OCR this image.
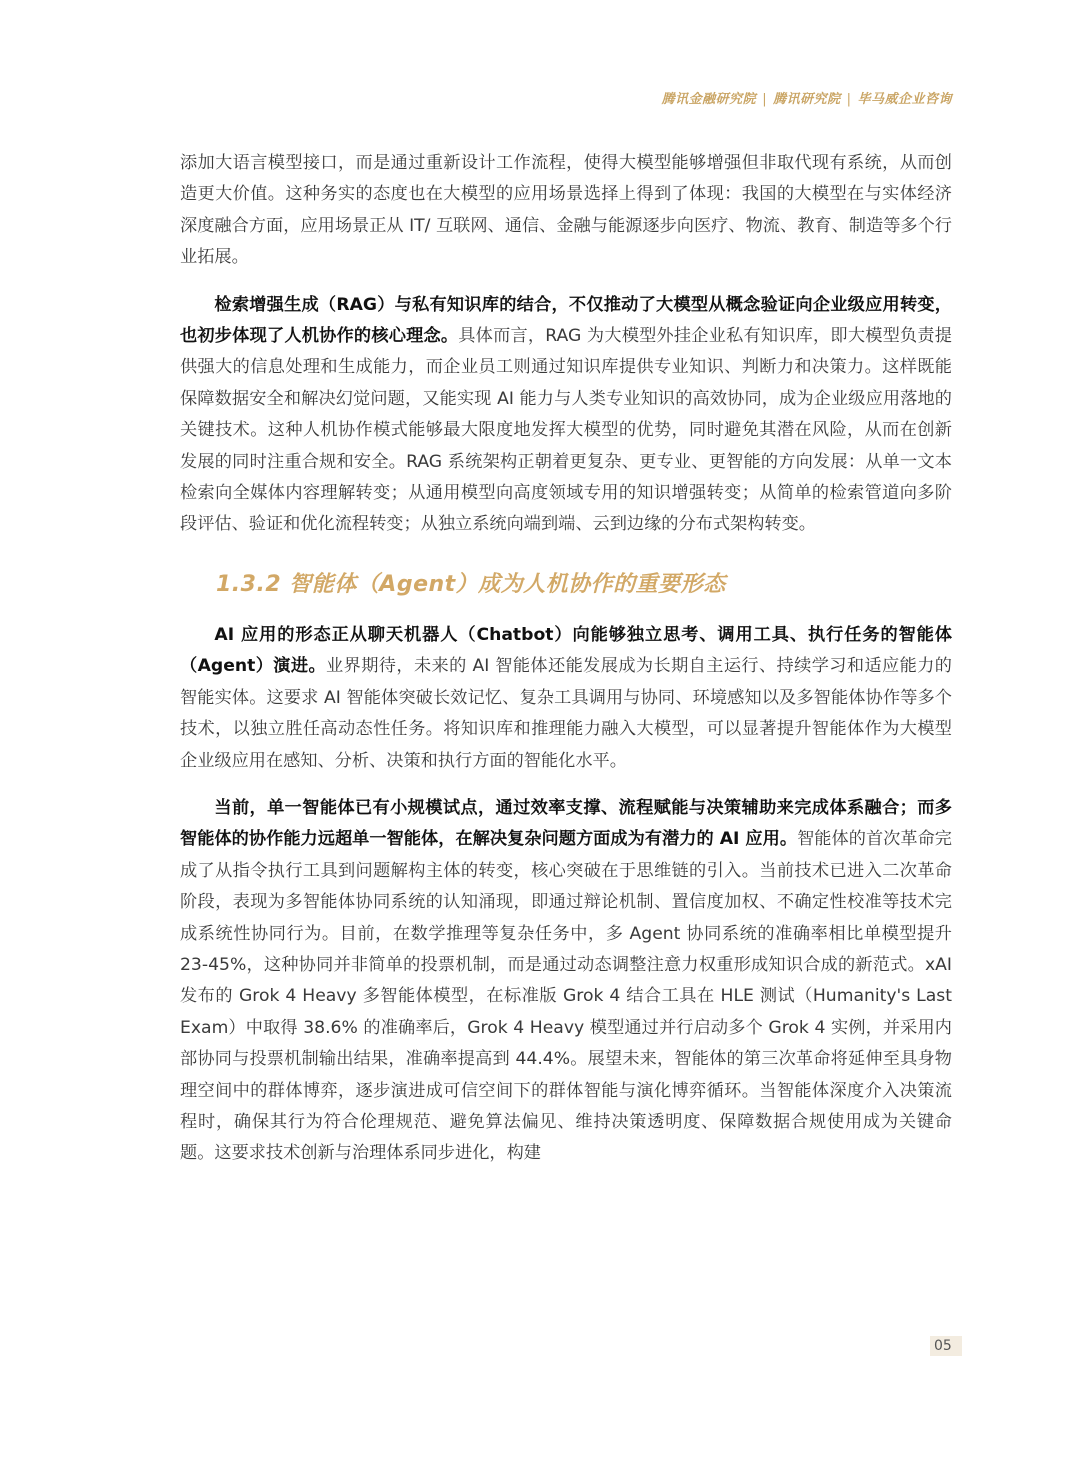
腾讯金融研究院 | 腾讯研究院 | 毕马威企业咨询

添加大语言模型接口，而是通过重新设计工作流程，使得大模型能够增强但非取代现有系统，从而创造更大价值。这种务实的态度也在大模型的应用场景选择上得到了体现：我国的大模型在与实体经济深度融合方面，应用场景正从 IT/ 互联网、通信、金融与能源逐步向医疗、物流、教育、制造等多个行业拓展。

检索增强生成（RAG）与私有知识库的结合，不仅推动了大模型从概念验证向企业级应用转变，也初步体现了人机协作的核心理念。具体而言，RAG 为大模型外挂企业私有知识库，即大模型负责提供强大的信息处理和生成能力，而企业员工则通过知识库提供专业知识、判断力和决策力。这样既能保障数据安全和解决幻觉问题，又能实现 AI 能力与人类专业知识的高效协同，成为企业级应用落地的关键技术。这种人机协作模式能够最大限度地发挥大模型的优势，同时避免其潜在风险，从而在创新发展的同时注重合规和安全。RAG 系统架构正朝着更复杂、更专业、更智能的方向发展：从单一文本检索向全媒体内容理解转变；从通用模型向高度领域专用的知识增强转变；从简单的检索管道向多阶段评估、验证和优化流程转变；从独立系统向端到端、云到边缘的分布式架构转变。

1.3.2 智能体（Agent）成为人机协作的重要形态

AI 应用的形态正从聊天机器人（Chatbot）向能够独立思考、调用工具、执行任务的智能体（Agent）演进。业界期待，未来的 AI 智能体还能发展成为长期自主运行、持续学习和适应能力的智能实体。这要求 AI 智能体突破长效记忆、复杂工具调用与协同、环境感知以及多智能体协作等多个技术，以独立胜任高动态性任务。将知识库和推理能力融入大模型，可以显著提升智能体作为大模型企业级应用在感知、分析、决策和执行方面的智能化水平。

当前，单一智能体已有小规模试点，通过效率支撑、流程赋能与决策辅助来完成体系融合；而多智能体的协作能力远超单一智能体，在解决复杂问题方面成为有潜力的 AI 应用。智能体的首次革命完成了从指令执行工具到问题解构主体的转变，核心突破在于思维链的引入。当前技术已进入二次革命阶段，表现为多智能体协同系统的认知涌现，即通过辩论机制、置信度加权、不确定性校准等技术完成系统性协同行为。目前，在数学推理等复杂任务中，多 Agent 协同系统的准确率相比单模型提升 23-45%，这种协同并非简单的投票机制，而是通过动态调整注意力权重形成知识合成的新范式。xAI 发布的 Grok 4 Heavy 多智能体模型，在标准版 Grok 4 结合工具在 HLE 测试（Humanity's Last Exam）中取得 38.6% 的准确率后，Grok 4 Heavy 模型通过并行启动多个 Grok 4 实例，并采用内部协同与投票机制输出结果，准确率提高到 44.4%。展望未来，智能体的第三次革命将延伸至具身物理空间中的群体博弈，逐步演进成可信空间下的群体智能与演化博弈循环。当智能体深度介入决策流程时，确保其行为符合伦理规范、避免算法偏见、维持决策透明度、保障数据合规使用成为关键命题。这要求技术创新与治理体系同步进化，构建

05
